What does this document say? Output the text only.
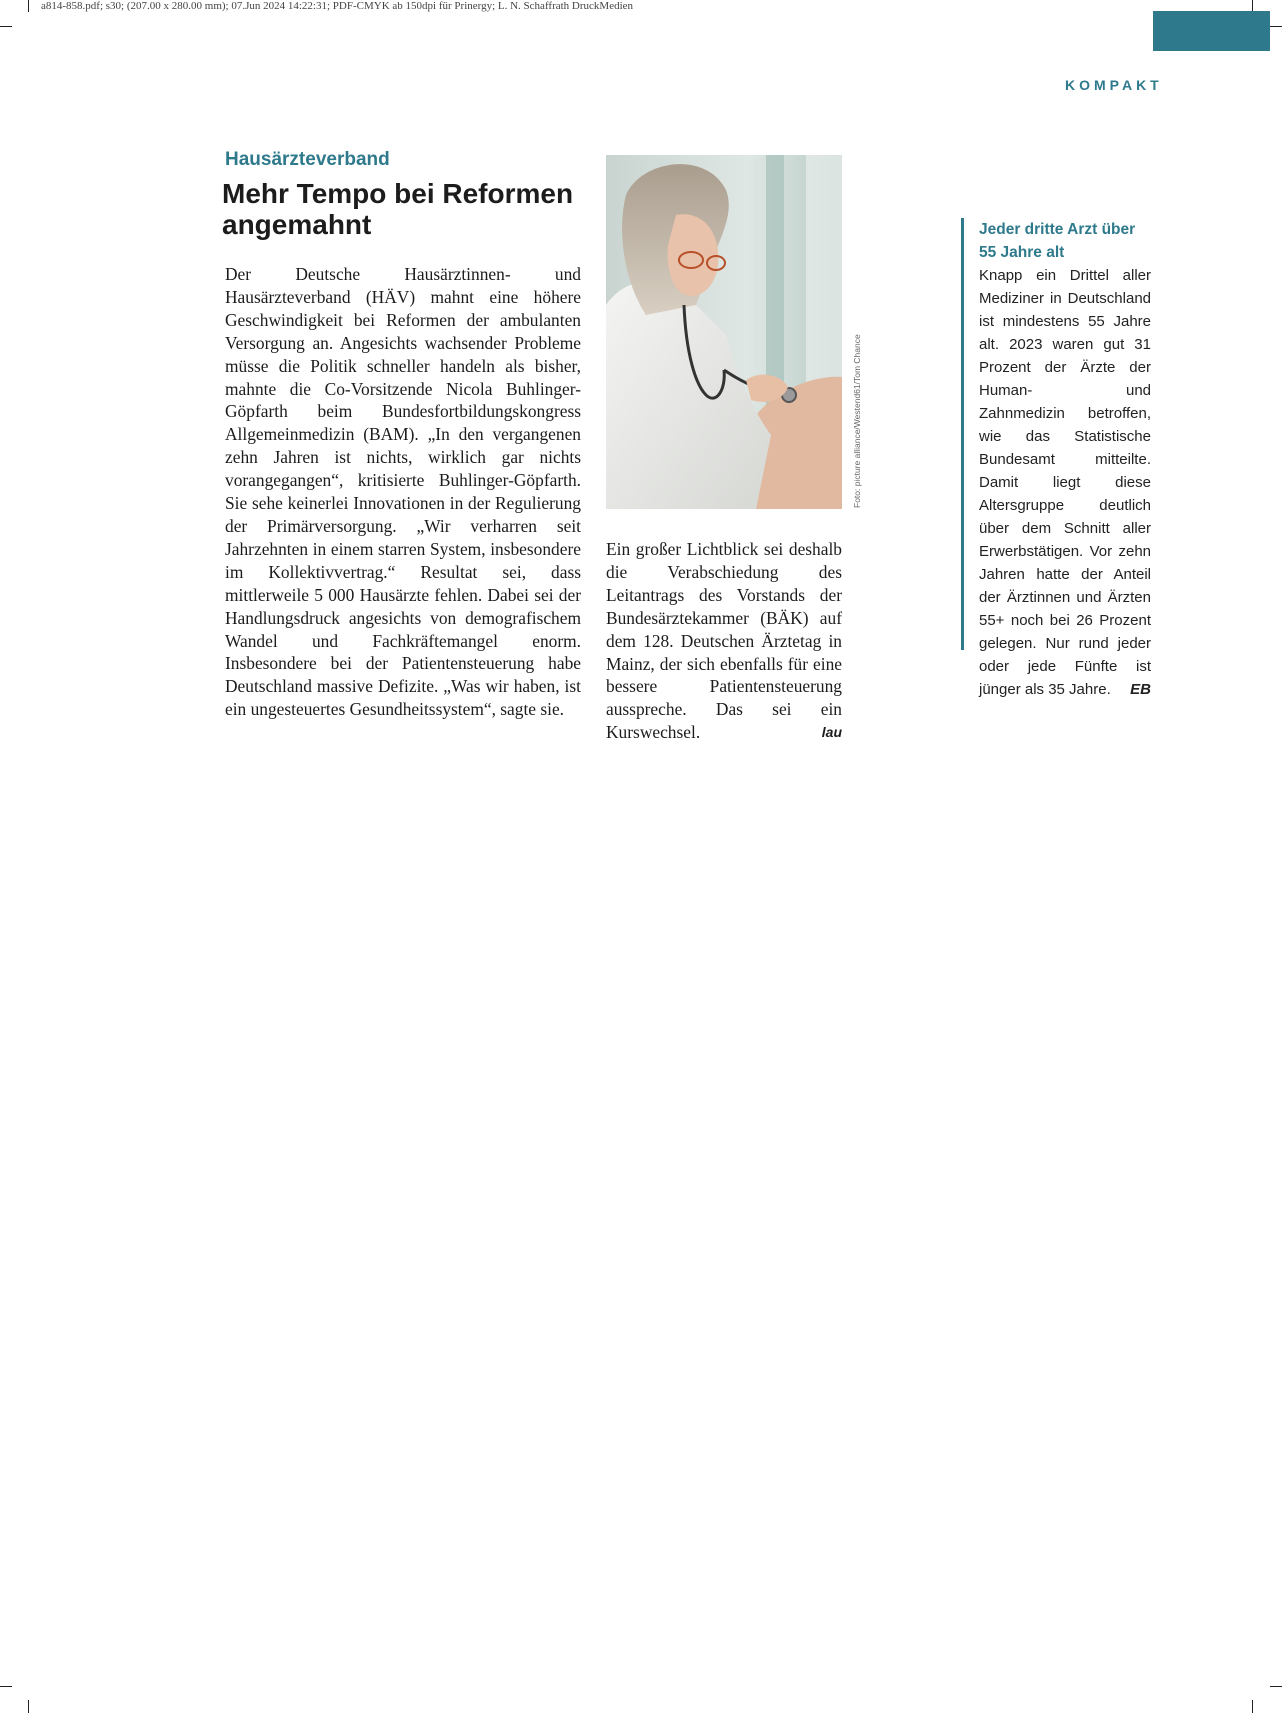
a814-858.pdf; s30; (207.00 x 280.00 mm); 07.Jun 2024 14:22:31; PDF-CMYK ab 150dpi für Prinergy; L. N. Schaffrath DruckMedien
KOMPAKT
Hausärzteverband
Mehr Tempo bei Reformen angemahnt

Der Deutsche Hausärztinnen- und Hausärzteverband (HÄV) mahnt eine höhere Geschwindigkeit bei Reformen der ambulanten Versorgung an. Angesichts wachsender Probleme müsse die Politik schneller handeln als bisher, mahnte die Co-Vorsitzende Nicola Buhlinger-Göpfarth beim Bundesfortbildungskongress Allgemeinmedizin (BAM). „In den vergangenen zehn Jahren ist nichts, wirklich gar nichts vorangegangen“, kritisierte Buhlinger-Göpfarth. Sie sehe keinerlei Innovationen in der Regulierung der Primärversorgung. „Wir verharren seit Jahrzehnten in einem starren System, insbesondere im Kollektivvertrag.“ Resultat sei, dass mittlerweile 5 000 Hausärzte fehlen. Dabei sei der Handlungsdruck angesichts von demografischem Wandel und Fachkräftemangel enorm. Insbesondere bei der Patientensteuerung habe Deutschland massive Defizite. „Was wir haben, ist ein ungesteuertes Gesundheitssystem“, sagte sie.

Foto: picture alliance/Westend61/Tom Chance

Ein großer Lichtblick sei deshalb die Verabschiedung des Leitantrags des Vorstands der Bundesärztekammer (BÄK) auf dem 128. Deutschen Ärztetag in Mainz, der sich ebenfalls für eine bessere Patientensteuerung ausspreche. Das sei ein Kurswechsel.	lau

Jeder dritte Arzt über 55 Jahre alt

Knapp ein Drittel aller Mediziner in Deutschland ist mindestens 55 Jahre alt. 2023 waren gut 31 Prozent der Ärzte der Human- und Zahnmedizin betroffen, wie das Statistische Bundesamt mitteilte. Damit liegt diese Altersgruppe deutlich über dem Schnitt aller Erwerbstätigen. Vor zehn Jahren hatte der Anteil der Ärztinnen und Ärzten 55+ noch bei 26 Prozent gelegen. Nur rund jeder oder jede Fünfte ist jünger als 35 Jahre. EB
